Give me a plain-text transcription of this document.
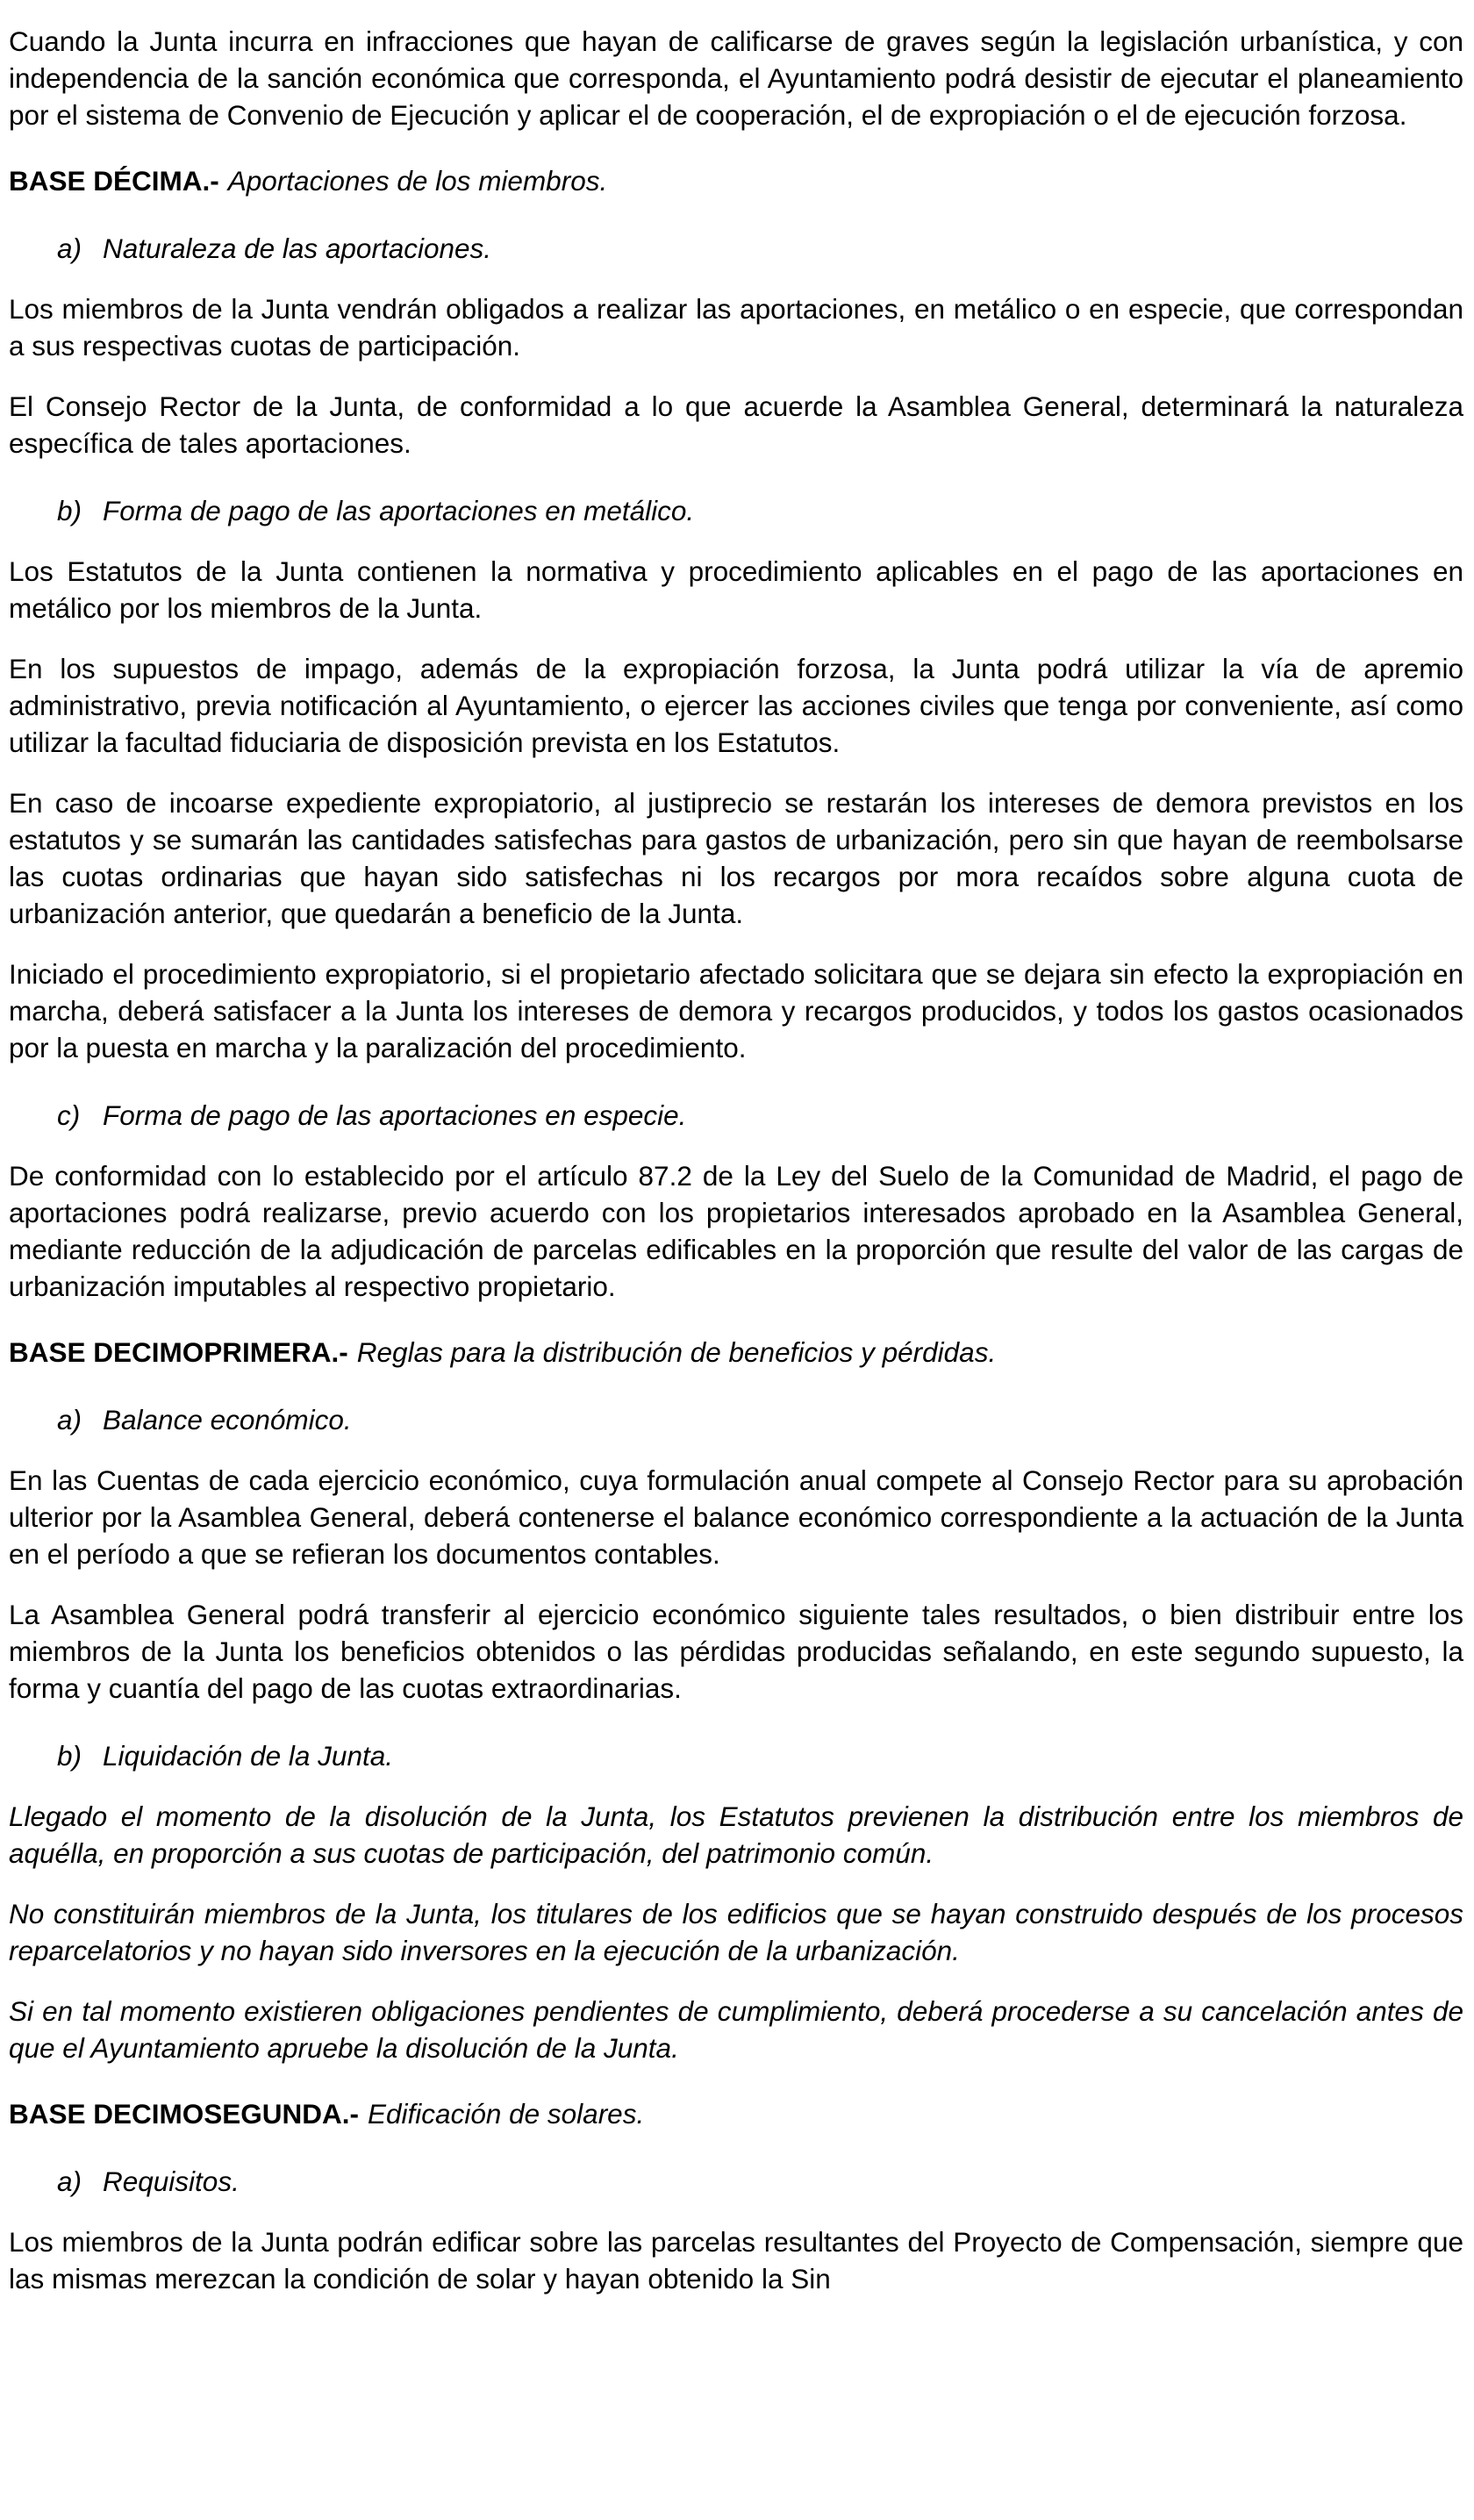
Cuando la Junta incurra en infracciones que hayan de calificarse de graves según la legislación urbanística, y con independencia de la sanción económica que corresponda, el Ayuntamiento podrá desistir de ejecutar el planeamiento por el sistema de Convenio de Ejecución y aplicar el de cooperación, el de expropiación o el de ejecución forzosa.

BASE DÉCIMA.- Aportaciones de los miembros.

a) Naturaleza de las aportaciones.

Los miembros de la Junta vendrán obligados a realizar las aportaciones, en metálico o en especie, que correspondan a sus respectivas cuotas de participación.

El Consejo Rector de la Junta, de conformidad a lo que acuerde la Asamblea General, determinará la naturaleza específica de tales aportaciones.

b) Forma de pago de las aportaciones en metálico.

Los Estatutos de la Junta contienen la normativa y procedimiento aplicables en el pago de las aportaciones en metálico por los miembros de la Junta.

En los supuestos de impago, además de la expropiación forzosa, la Junta podrá utilizar la vía de apremio administrativo, previa notificación al Ayuntamiento, o ejercer las acciones civiles que tenga por conveniente, así como utilizar la facultad fiduciaria de disposición prevista en los Estatutos.

En caso de incoarse expediente expropiatorio, al justiprecio se restarán los intereses de demora previstos en los estatutos y se sumarán las cantidades satisfechas para gastos de urbanización, pero sin que hayan de reembolsarse las cuotas ordinarias que hayan sido satisfechas ni los recargos por mora recaídos sobre alguna cuota de urbanización anterior, que quedarán a beneficio de la Junta.

Iniciado el procedimiento expropiatorio, si el propietario afectado solicitara que se dejara sin efecto la expropiación en marcha, deberá satisfacer a la Junta los intereses de demora y recargos producidos, y todos los gastos ocasionados por la puesta en marcha y la paralización del procedimiento.

c) Forma de pago de las aportaciones en especie.

De conformidad con lo establecido por el artículo 87.2 de la Ley del Suelo de la Comunidad de Madrid, el pago de aportaciones podrá realizarse, previo acuerdo con los propietarios interesados aprobado en la Asamblea General, mediante reducción de la adjudicación de parcelas edificables en la proporción que resulte del valor de las cargas de urbanización imputables al respectivo propietario.

BASE DECIMOPRIMERA.- Reglas para la distribución de beneficios y pérdidas.

a) Balance económico.

En las Cuentas de cada ejercicio económico, cuya formulación anual compete al Consejo Rector para su aprobación ulterior por la Asamblea General, deberá contenerse el balance económico correspondiente a la actuación de la Junta en el período a que se refieran los documentos contables.

La Asamblea General podrá transferir al ejercicio económico siguiente tales resultados, o bien distribuir entre los miembros de la Junta los beneficios obtenidos o las pérdidas producidas señalando, en este segundo supuesto, la forma y cuantía del pago de las cuotas extraordinarias.

b) Liquidación de la Junta.

Llegado el momento de la disolución de la Junta, los Estatutos previenen la distribución entre los miembros de aquélla, en proporción a sus cuotas de participación, del patrimonio común.

No constituirán miembros de la Junta, los titulares de los edificios que se hayan construido después de los procesos reparcelatorios y no hayan sido inversores en la ejecución de la urbanización.

Si en tal momento existieren obligaciones pendientes de cumplimiento, deberá procederse a su cancelación antes de que el Ayuntamiento apruebe la disolución de la Junta.

BASE DECIMOSEGUNDA.- Edificación de solares.

a) Requisitos.

Los miembros de la Junta podrán edificar sobre las parcelas resultantes del Proyecto de Compensación, siempre que las mismas merezcan la condición de solar y hayan obtenido la Sin
